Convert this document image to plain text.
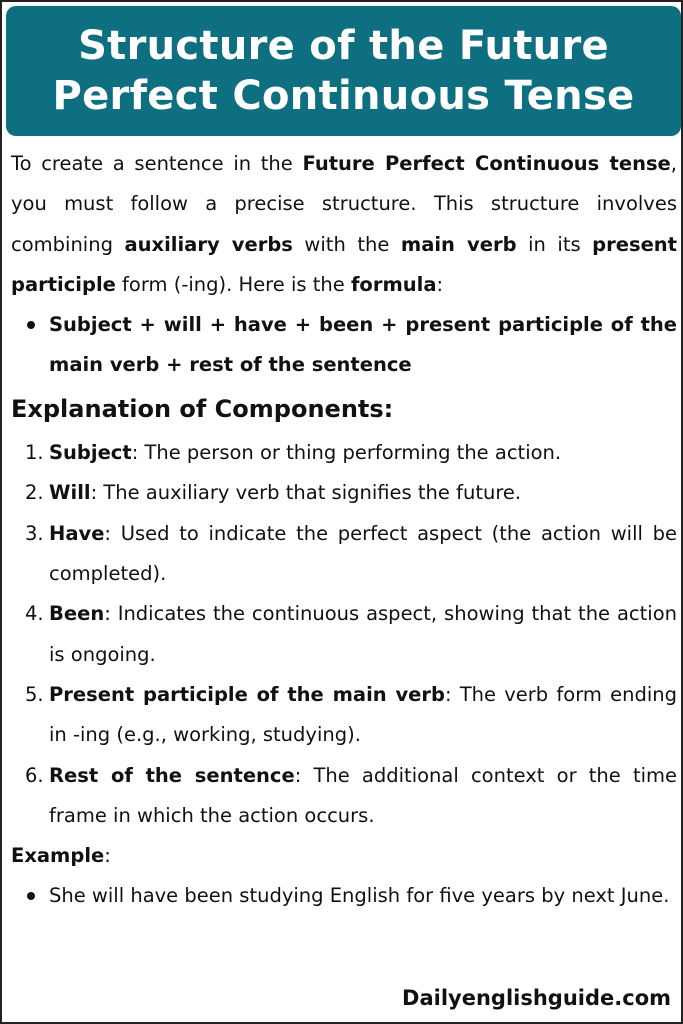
Structure of the Future
Perfect Continuous Tense

To create a sentence in the Future Perfect Continuous tense, you must follow a precise structure. This structure involves combining auxiliary verbs with the main verb in its present participle form (-ing). Here is the formula:

Subject + will + have + been + present participle of the main verb + rest of the sentence
Explanation of Components:
1. Subject: The person or thing performing the action.
2. Will: The auxiliary verb that signifies the future.
3. Have: Used to indicate the perfect aspect (the action will be completed).
4. Been: Indicates the continuous aspect, showing that the action is ongoing.
5. Present participle of the main verb: The verb form ending in -ing (e.g., working, studying).
6. Rest of the sentence: The additional context or the time frame in which the action occurs.
Example:
She will have been studying English for five years by next June.
Dailyenglishguide.com
